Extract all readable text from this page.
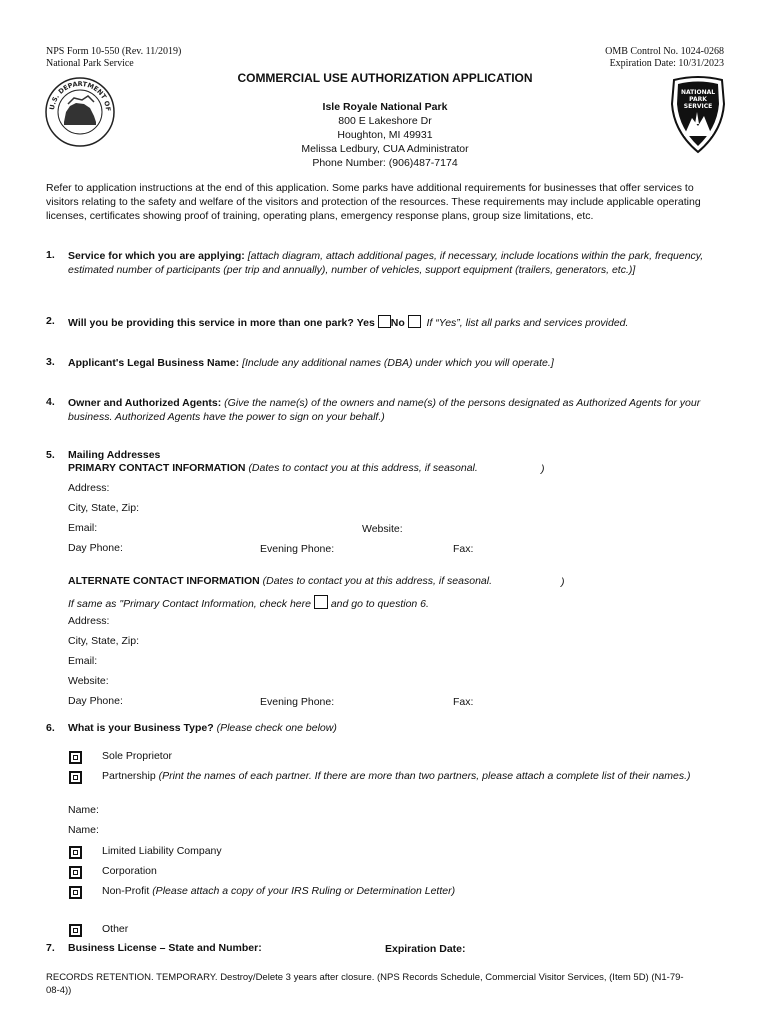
NPS Form 10-550 (Rev. 11/2019)
National Park Service
OMB Control No. 1024-0268
Expiration Date: 10/31/2023
U.S. DEPARTMENT OF
NATIONAL
PARK
SERVICE
COMMERCIAL USE AUTHORIZATION APPLICATION
Isle Royale National Park
800 E Lakeshore Dr
Houghton, MI 49931
Melissa Ledbury, CUA Administrator
Phone Number: (906)487-7174
Refer to application instructions at the end of this application. Some parks have additional requirements for businesses that offer services to visitors relating to the safety and welfare of the visitors and protection of the resources. These requirements may include applicable operating licenses, certificates showing proof of training, operating plans, emergency response plans, group size limitations, etc.
1. Service for which you are applying: [attach diagram, attach additional pages, if necessary, include locations within the park, frequency, estimated number of participants (per trip and annually), number of vehicles, support equipment (trailers, generators, etc.)]
2. Will you be providing this service in more than one park? Yes No If “Yes”, list all parks and services provided.
3. Applicant's Legal Business Name: [Include any additional names (DBA) under which you will operate.]
4. Owner and Authorized Agents: (Give the name(s) of the owners and name(s) of the persons designated as Authorized Agents for your business. Authorized Agents have the power to sign on your behalf.)
5. Mailing Addresses
PRIMARY CONTACT INFORMATION (Dates to contact you at this address, if seasonal.	)
Address:
City, State, Zip:
Email:	Website:
Day Phone:	Evening Phone:	Fax:
ALTERNATE CONTACT INFORMATION (Dates to contact you at this address, if seasonal.	)
If same as "Primary Contact Information, check here and go to question 6.
Address:
City, State, Zip:
Email:
Website:
Day Phone:	Evening Phone:	Fax:
6. What is your Business Type? (Please check one below)
Sole Proprietor
Partnership (Print the names of each partner. If there are more than two partners, please attach a complete list of their names.)
Name:
Name:
Limited Liability Company
Corporation
Non-Profit (Please attach a copy of your IRS Ruling or Determination Letter)
Other
7. Business License – State and Number:	Expiration Date:
RECORDS RETENTION. TEMPORARY. Destroy/Delete 3 years after closure. (NPS Records Schedule, Commercial Visitor Services, (Item 5D) (N1-79-08-4))
